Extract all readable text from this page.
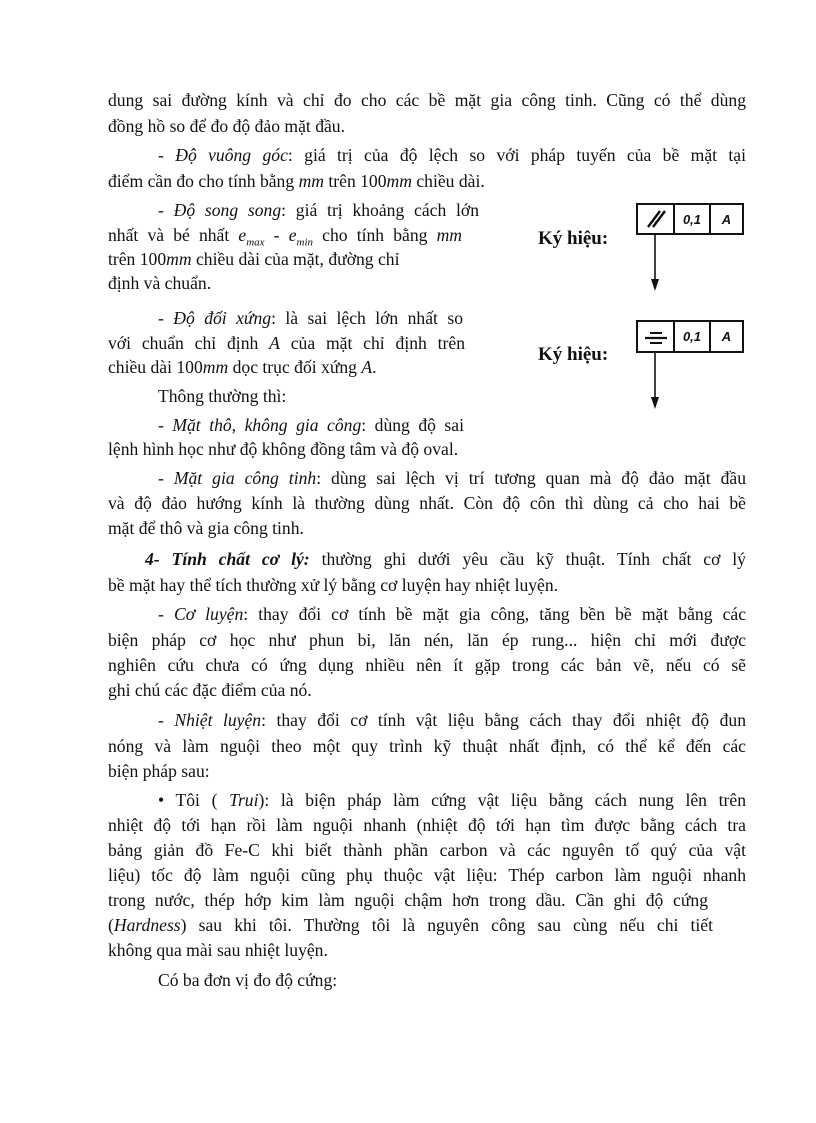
dung sai đường kính và chỉ đo cho các bề mặt gia công tinh. Cũng có thể dùng
đồng hồ so để đo độ đảo mặt đầu.
- Độ vuông góc: giá trị của độ lệch so với pháp tuyến của bề mặt tại
điểm cần đo cho tính bằng mm trên 100mm chiều dài.
- Độ song song: giá trị khoảng cách lớn
nhất và bé nhất $e_{max} - e_{min}$ cho tính bằng mm
trên 100mm chiều dài của mặt, đường chỉ
định và chuẩn.
Ký hiệu:
0,1	A
- Độ đối xứng: là sai lệch lớn nhất so
với chuẩn chỉ định A của mặt chỉ định trên
chiều dài 100mm dọc trục đối xứng A.
Ký hiệu:
0,1	A
Thông thường thì:
- Mặt thô, không gia công: dùng độ sai
lệnh hình học như độ không đồng tâm và độ oval.
- Mặt gia công tinh: dùng sai lệch vị trí tương quan mà độ đảo mặt đầu
và độ đảo hướng kính là thường dùng nhất. Còn độ côn thì dùng cả cho hai bề
mặt để thô và gia công tinh.
4- Tính chất cơ lý: thường ghi dưới yêu cầu kỹ thuật. Tính chất cơ lý
bề mặt hay thể tích thường xử lý bằng cơ luyện hay nhiệt luyện.
- Cơ luyện: thay đổi cơ tính bề mặt gia công, tăng bền bề mặt bằng các
biện pháp cơ học như phun bi, lăn nén, lăn ép rung... hiện chỉ mới được
nghiên cứu chưa có ứng dụng nhiều nên ít gặp trong các bản vẽ, nếu có sẽ
ghi chú các đặc điểm của nó.
- Nhiệt luyện: thay đổi cơ tính vật liệu bằng cách thay đổi nhiệt độ đun
nóng và làm nguội theo một quy trình kỹ thuật nhất định, có thể kể đến các
biện pháp sau:
• Tôi ( Trui): là biện pháp làm cứng vật liệu bằng cách nung lên trên
nhiệt độ tới hạn rồi làm nguội nhanh (nhiệt độ tới hạn tìm được bằng cách tra
bảng giản đồ Fe-C khi biết thành phần carbon và các nguyên tố quý của vật
liệu) tốc độ làm nguội cũng phụ thuộc vật liệu: Thép carbon làm nguội nhanh
trong nước, thép hớp kim làm nguội chậm hơn trong dầu. Cần ghi độ cứng
(Hardness) sau khi tôi. Thường tôi là nguyên công sau cùng nếu chi tiết
không qua mài sau nhiệt luyện.
Có ba đơn vị đo độ cứng:
